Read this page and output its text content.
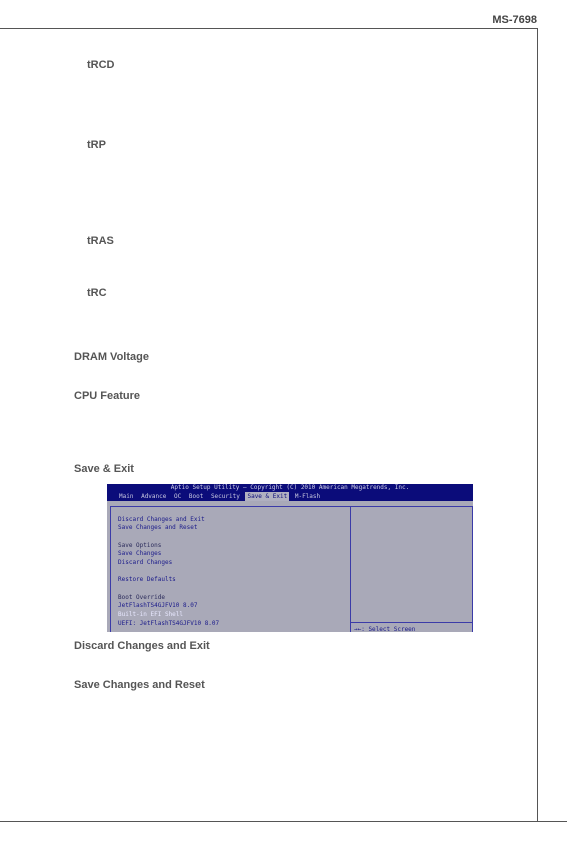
MS-7698
tRCD
tRP
tRAS
tRC
DRAM Voltage
CPU Feature
Save & Exit
Aptio Setup Utility – Copyright (C) 2010 American Megatrends, Inc.
Main Advance OC Boot Security Save & Exit M-Flash
Discard Changes and Exit
Save Changes and Reset
Save Options
Save Changes
Discard Changes
Restore Defaults
Boot Override
JetFlashTS4GJFV10 8.07
Built-in EFI Shell
UEFI: JetFlashTS4GJFV10 8.07
→←: Select Screen
Discard Changes and Exit
Save Changes and Reset
